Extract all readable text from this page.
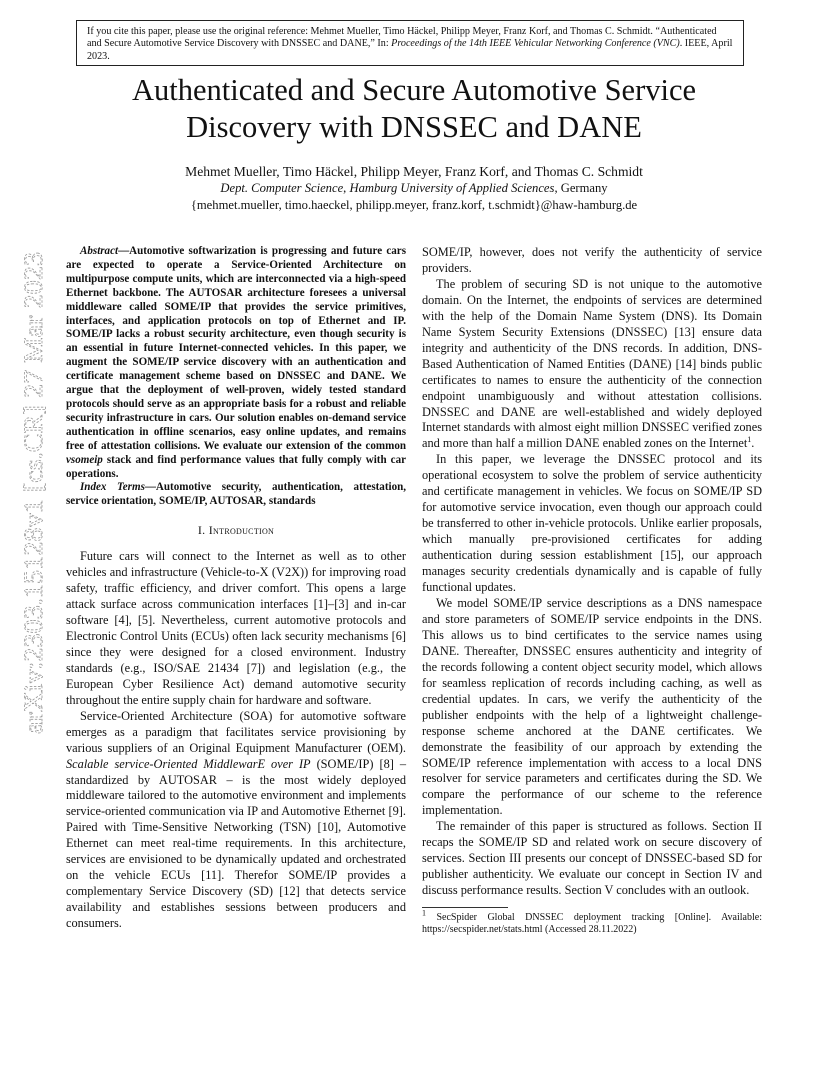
If you cite this paper, please use the original reference: Mehmet Mueller, Timo Häckel, Philipp Meyer, Franz Korf, and Thomas C. Schmidt. “Authenticated and Secure Automotive Service Discovery with DNSSEC and DANE,” In: Proceedings of the 14th IEEE Vehicular Networking Conference (VNC). IEEE, April 2023.
Authenticated and Secure Automotive Service
Discovery with DNSSEC and DANE
Mehmet Mueller, Timo Häckel, Philipp Meyer, Franz Korf, and Thomas C. Schmidt
Dept. Computer Science, Hamburg University of Applied Sciences, Germany
{mehmet.mueller, timo.haeckel, philipp.meyer, franz.korf, t.schmidt}@haw-hamburg.de
arXiv:2303.15128v1 [cs.CR] 27 Mar 2023

Abstract—Automotive softwarization is progressing and future cars are expected to operate a Service-Oriented Architecture on multipurpose compute units, which are interconnected via a high-speed Ethernet backbone. The AUTOSAR architecture foresees a universal middleware called SOME/IP that provides the service primitives, interfaces, and application protocols on top of Ethernet and IP. SOME/IP lacks a robust security architecture, even though security is an essential in future Internet-connected vehicles. In this paper, we augment the SOME/IP service discovery with an authentication and certificate management scheme based on DNSSEC and DANE. We argue that the deployment of well-proven, widely tested standard protocols should serve as an appropriate basis for a robust and reliable security infrastructure in cars. Our solution enables on-demand service authentication in offline scenarios, easy online updates, and remains free of attestation collisions. We evaluate our extension of the common vsomeip stack and find performance values that fully comply with car operations.

Index Terms—Automotive security, authentication, attestation, service orientation, SOME/IP, AUTOSAR, standards

I. Introduction

Future cars will connect to the Internet as well as to other vehicles and infrastructure (Vehicle-to-X (V2X)) for improving road safety, traffic efficiency, and driver comfort. This opens a large attack surface across communication interfaces [1]–[3] and in-car software [4], [5]. Nevertheless, current automotive protocols and Electronic Control Units (ECUs) often lack security mechanisms [6] since they were designed for a closed environment. Industry standards (e.g., ISO/SAE 21434 [7]) and legislation (e.g., the European Cyber Resilience Act) demand automotive security throughout the entire supply chain for hardware and software.

Service-Oriented Architecture (SOA) for automotive software emerges as a paradigm that facilitates service provisioning by various suppliers of an Original Equipment Manufacturer (OEM). Scalable service-Oriented MiddlewarE over IP (SOME/IP) [8] – standardized by AUTOSAR – is the most widely deployed middleware tailored to the automotive environment and implements service-oriented communication via IP and Automotive Ethernet [9]. Paired with Time-Sensitive Networking (TSN) [10], Automotive Ethernet can meet real-time requirements. In this architecture, services are envisioned to be dynamically updated and orchestrated on the vehicle ECUs [11]. Therefor SOME/IP provides a complementary Service Discovery (SD) [12] that detects service availability and establishes sessions between producers and consumers.

SOME/IP, however, does not verify the authenticity of service providers.

The problem of securing SD is not unique to the automotive domain. On the Internet, the endpoints of services are determined with the help of the Domain Name System (DNS). Its Domain Name System Security Extensions (DNSSEC) [13] ensure data integrity and authenticity of the DNS records. In addition, DNS-Based Authentication of Named Entities (DANE) [14] binds public certificates to names to ensure the authenticity of the connection endpoint unambiguously and without attestation collisions. DNSSEC and DANE are well-established and widely deployed Internet standards with almost eight million DNSSEC verified zones and more than half a million DANE enabled zones on the Internet$^1$.

In this paper, we leverage the DNSSEC protocol and its operational ecosystem to solve the problem of service authenticity and certificate management in vehicles. We focus on SOME/IP SD for automotive service invocation, even though our approach could be transferred to other in-vehicle protocols. Unlike earlier proposals, which manually pre-provisioned certificates for adding authentication during session establishment [15], our approach manages security credentials dynamically and is capable of fully functional updates.

We model SOME/IP service descriptions as a DNS namespace and store parameters of SOME/IP service endpoints in the DNS. This allows us to bind certificates to the service names using DANE. Thereafter, DNSSEC ensures authenticity and integrity of the records following a content object security model, which allows for seamless replication of records including caching, as well as credential updates. In cars, we verify the authenticity of the publisher endpoints with the help of a lightweight challenge-response scheme anchored at the DANE certificates. We demonstrate the feasibility of our approach by extending the SOME/IP reference implementation with access to a local DNS resolver for service parameters and certificates during the SD. We compare the performance of our scheme to the reference implementation.

The remainder of this paper is structured as follows. Section II recaps the SOME/IP SD and related work on secure discovery of services. Section III presents our concept of DNSSEC-based SD for publisher authenticity. We evaluate our concept in Section IV and discuss performance results. Section V concludes with an outlook.

$^1$ SecSpider Global DNSSEC deployment tracking [Online]. Available: https://secspider.net/stats.html (Accessed 28.11.2022)
